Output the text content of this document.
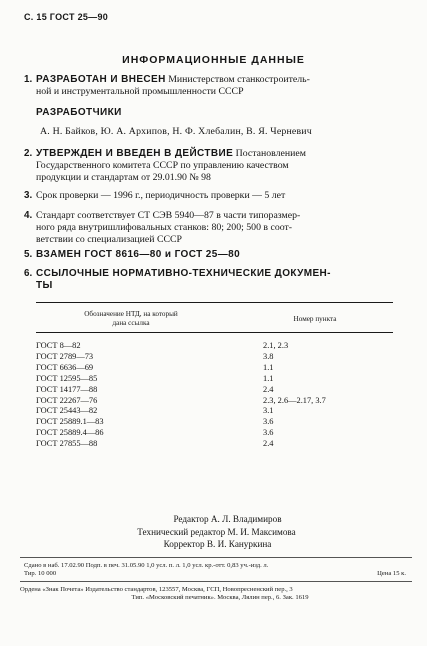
С. 15 ГОСТ 25—90
ИНФОРМАЦИОННЫЕ ДАННЫЕ
1. РАЗРАБОТАН И ВНЕСЕН Министерством станкостроитель-
ной и инструментальной промышленности СССР
РАЗРАБОТЧИКИ
А. Н. Байков, Ю. А. Архипов, Н. Ф. Хлебалин, В. Я. Черневич
2. УТВЕРЖДЕН И ВВЕДЕН В ДЕЙСТВИЕ Постановлением
Государственного комитета СССР по управлению качеством
продукции и стандартам от 29.01.90 № 98
3. Срок проверки — 1996 г., периодичность проверки — 5 лет
4. Стандарт соответствует СТ СЭВ 5940—87 в части типоразмер-
ного ряда внутришлифовальных станков: 80; 200; 500 в соот-
ветствии со специализацией СССР
5. ВЗАМЕН ГОСТ 8616—80 и ГОСТ 25—80
6. ССЫЛОЧНЫЕ НОРМАТИВНО-ТЕХНИЧЕСКИЕ ДОКУМЕН-
ТЫ
Обозначение НТД, на который
дана ссылка	Номер пункта
ГОСТ 8—82
ГОСТ 2789—73
ГОСТ 6636—69
ГОСТ 12595—85
ГОСТ 14177—88
ГОСТ 22267—76
ГОСТ 25443—82
ГОСТ 25889.1—83
ГОСТ 25889.4—86
ГОСТ 27855—88
2.1, 2.3
3.8
1.1
1.1
2.4
2.3, 2.6—2.17, 3.7
3.1
3.6
3.6
2.4
Редактор А. Л. Владимиров
Технический редактор М. И. Максимова
Корректор В. И. Кануркина
Сдано в наб. 17.02.90 Подп. в печ. 31.05.90 1,0 усл. п. л. 1,0 усл. кр.-отт. 0,83 уч.-изд. л.
Тир. 10 000	Цена 15 к.
Ордена «Знак Почета» Издательство стандартов, 123557, Москва, ГСП, Новопресненский пер., 3
Тип. «Московский печатник». Москва, Лялин пер., 6. Зак. 1619
